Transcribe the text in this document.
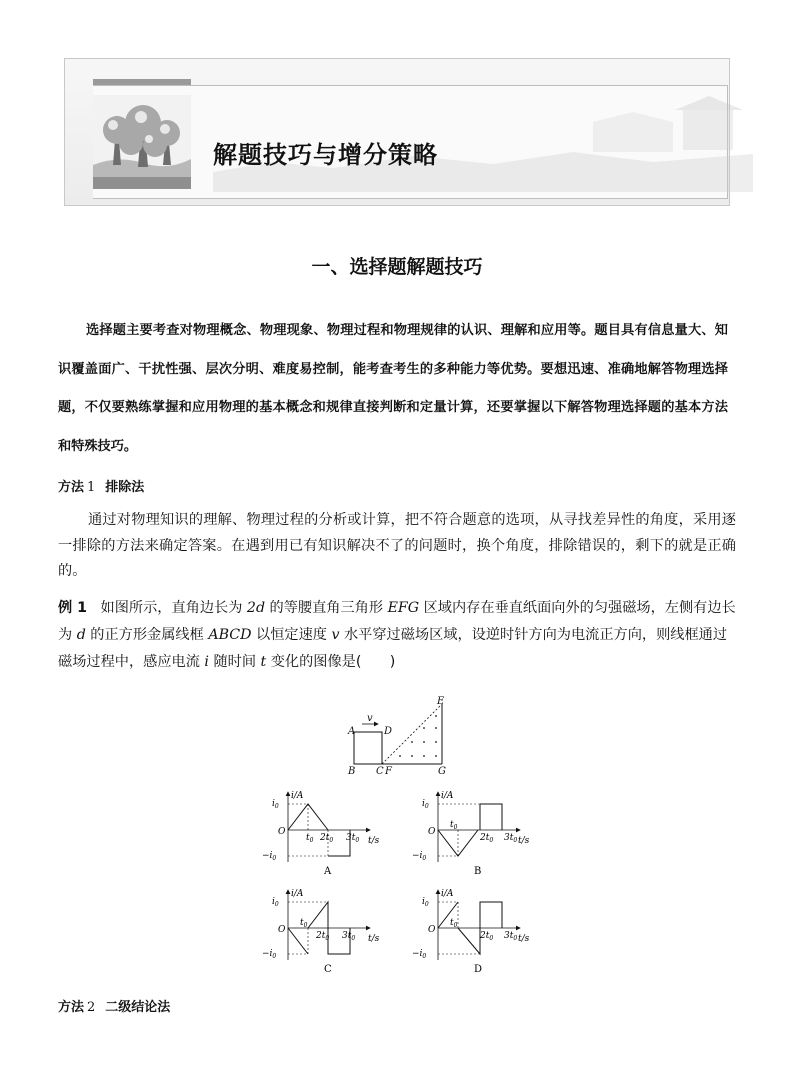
解题技巧与增分策略
一、选择题解题技巧
选择题主要考查对物理概念、物理现象、物理过程和物理规律的认识、理解和应用等。题目具有信息量大、知识覆盖面广、干扰性强、层次分明、难度易控制，能考查考生的多种能力等优势。要想迅速、准确地解答物理选择题，不仅要熟练掌握和应用物理的基本概念和规律直接判断和定量计算，还要掌握以下解答物理选择题的基本方法和特殊技巧。
方法 1 排除法
通过对物理知识的理解、物理过程的分析或计算，把不符合题意的选项，从寻找差异性的角度，采用逐一排除的方法来确定答案。在遇到用已有知识解决不了的问题时，换个角度，排除错误的，剩下的就是正确的。
例 1 如图所示，直角边长为 2d 的等腰直角三角形 EFG 区域内存在垂直纸面向外的匀强磁场，左侧有边长为 d 的正方形金属线框 ABCD 以恒定速度 v 水平穿过磁场区域，设逆时针方向为电流正方向，则线框通过磁场过程中，感应电流 i 随时间 t 变化的图像是(　　)
v
A	D
B C F	G
E
i/A
t/s
O
$i_0$
$-i_0$
$t_0$ $2t_0$ $3t_0$
A
i/A
t/s
O
$i_0$
$-i_0$
$t_0$
$2t_0$ $3t_0$
B
i/A
t/s
O
$i_0$
$-i_0$
$t_0$
$2t_0$ $3t_0$
C
i/A
t/s
O
$i_0$
$-i_0$
$t_0$
$2t_0$ $3t_0$
D
方法 2 二级结论法
